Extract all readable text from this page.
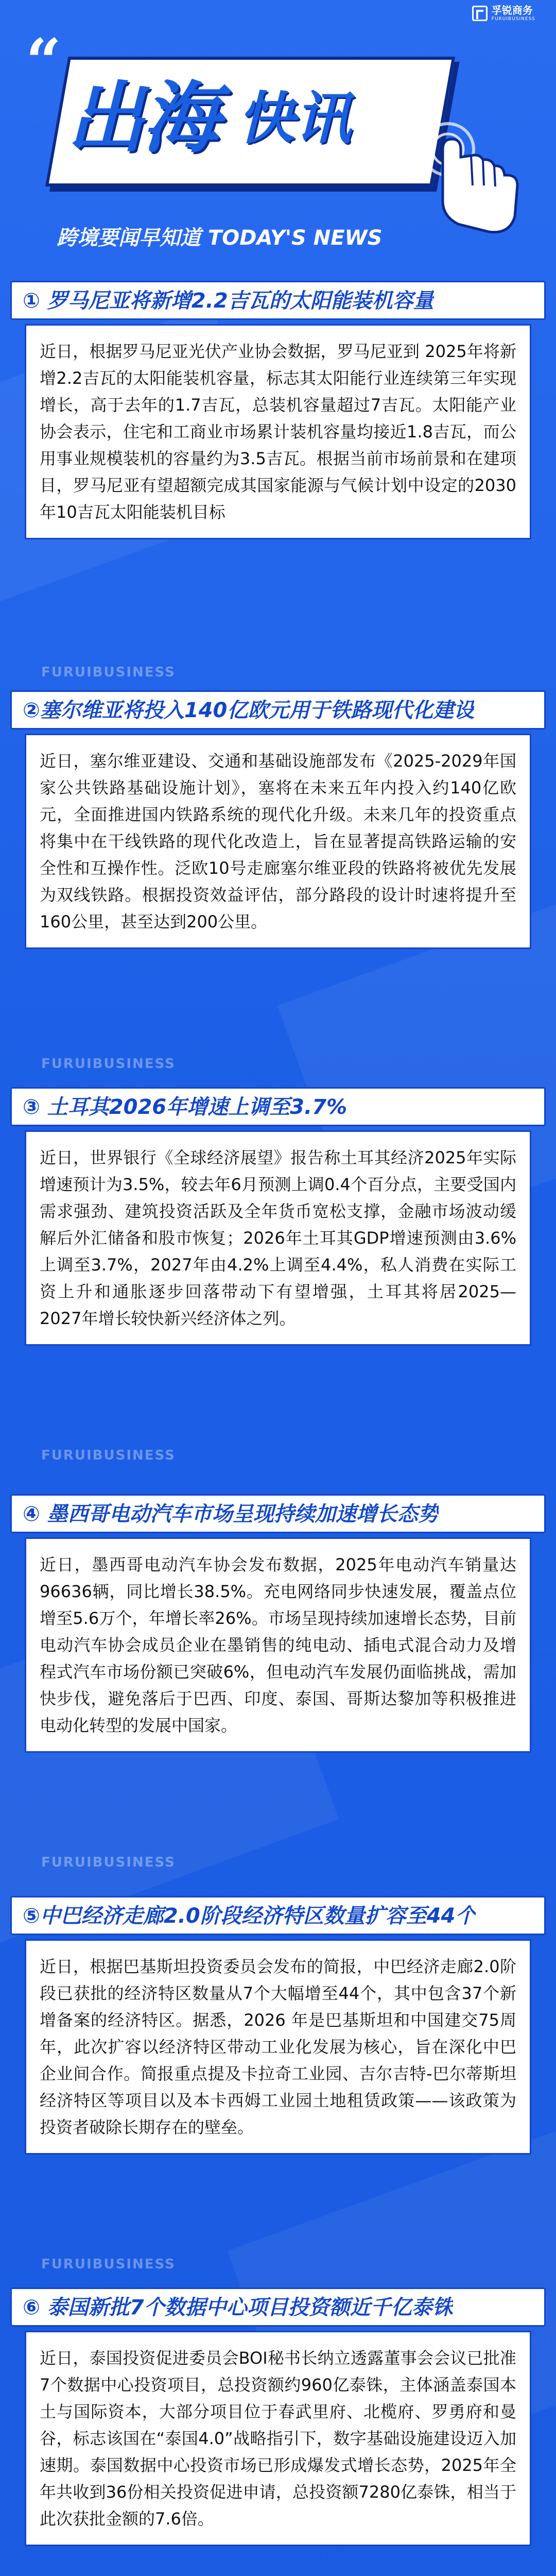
孚锐商务
FURUIBUSINESS
“
出海 快讯
跨境要闻早知道 TODAY'S NEWS
① 罗马尼亚将新增2.2吉瓦的太阳能装机容量
近日，根据罗马尼亚光伏产业协会数据，罗马尼亚到 2025年将新增2.2吉瓦的太阳能装机容量，标志其太阳能行业连续第三年实现增长，高于去年的1.7吉瓦，总装机容量超过7吉瓦。太阳能产业协会表示，住宅和工商业市场累计装机容量均接近1.8吉瓦，而公用事业规模装机的容量约为3.5吉瓦。根据当前市场前景和在建项目，罗马尼亚有望超额完成其国家能源与气候计划中设定的2030年10吉瓦太阳能装机目标
FURUIBUSINESS
②塞尔维亚将投入140亿欧元用于铁路现代化建设
近日，塞尔维亚建设、交通和基础设施部发布《2025-2029年国家公共铁路基础设施计划》，塞将在未来五年内投入约140亿欧元，全面推进国内铁路系统的现代化升级。未来几年的投资重点将集中在干线铁路的现代化改造上，旨在显著提高铁路运输的安全性和互操作性。泛欧10号走廊塞尔维亚段的铁路将被优先发展为双线铁路。根据投资效益评估，部分路段的设计时速将提升至160公里，甚至达到200公里。
FURUIBUSINESS
③ 土耳其2026年增速上调至3.7%
近日，世界银行《全球经济展望》报告称土耳其经济2025年实际增速预计为3.5%，较去年6月预测上调0.4个百分点，主要受国内需求强劲、建筑投资活跃及全年货币宽松支撑，金融市场波动缓解后外汇储备和股市恢复；2026年土耳其GDP增速预测由3.6%上调至3.7%，2027年由4.2%上调至4.4%，私人消费在实际工资上升和通胀逐步回落带动下有望增强，土耳其将居2025—2027年增长较快新兴经济体之列。
FURUIBUSINESS
④ 墨西哥电动汽车市场呈现持续加速增长态势
近日，墨西哥电动汽车协会发布数据，2025年电动汽车销量达96636辆，同比增长38.5%。充电网络同步快速发展，覆盖点位增至5.6万个，年增长率26%。市场呈现持续加速增长态势，目前电动汽车协会成员企业在墨销售的纯电动、插电式混合动力及增程式汽车市场份额已突破6%，但电动汽车发展仍面临挑战，需加快步伐，避免落后于巴西、印度、泰国、哥斯达黎加等积极推进电动化转型的发展中国家。
FURUIBUSINESS
⑤中巴经济走廊2.0阶段经济特区数量扩容至44个
近日，根据巴基斯坦投资委员会发布的简报，中巴经济走廊2.0阶段已获批的经济特区数量从7个大幅增至44个，其中包含37个新增备案的经济特区。据悉，2026 年是巴基斯坦和中国建交75周年，此次扩容以经济特区带动工业化发展为核心，旨在深化中巴企业间合作。简报重点提及卡拉奇工业园、吉尔吉特-巴尔蒂斯坦经济特区等项目以及本卡西姆工业园土地租赁政策——该政策为投资者破除长期存在的壁垒。
FURUIBUSINESS
⑥ 泰国新批7个数据中心项目投资额近千亿泰铢
近日，泰国投资促进委员会BOI秘书长纳立透露董事会会议已批准7个数据中心投资项目，总投资额约960亿泰铢，主体涵盖泰国本土与国际资本，大部分项目位于春武里府、北榄府、罗勇府和曼谷，标志该国在“泰国4.0”战略指引下，数字基础设施建设迈入加速期。泰国数据中心投资市场已形成爆发式增长态势，2025年全年共收到36份相关投资促进申请，总投资额7280亿泰铢，相当于此次获批金额的7.6倍。
